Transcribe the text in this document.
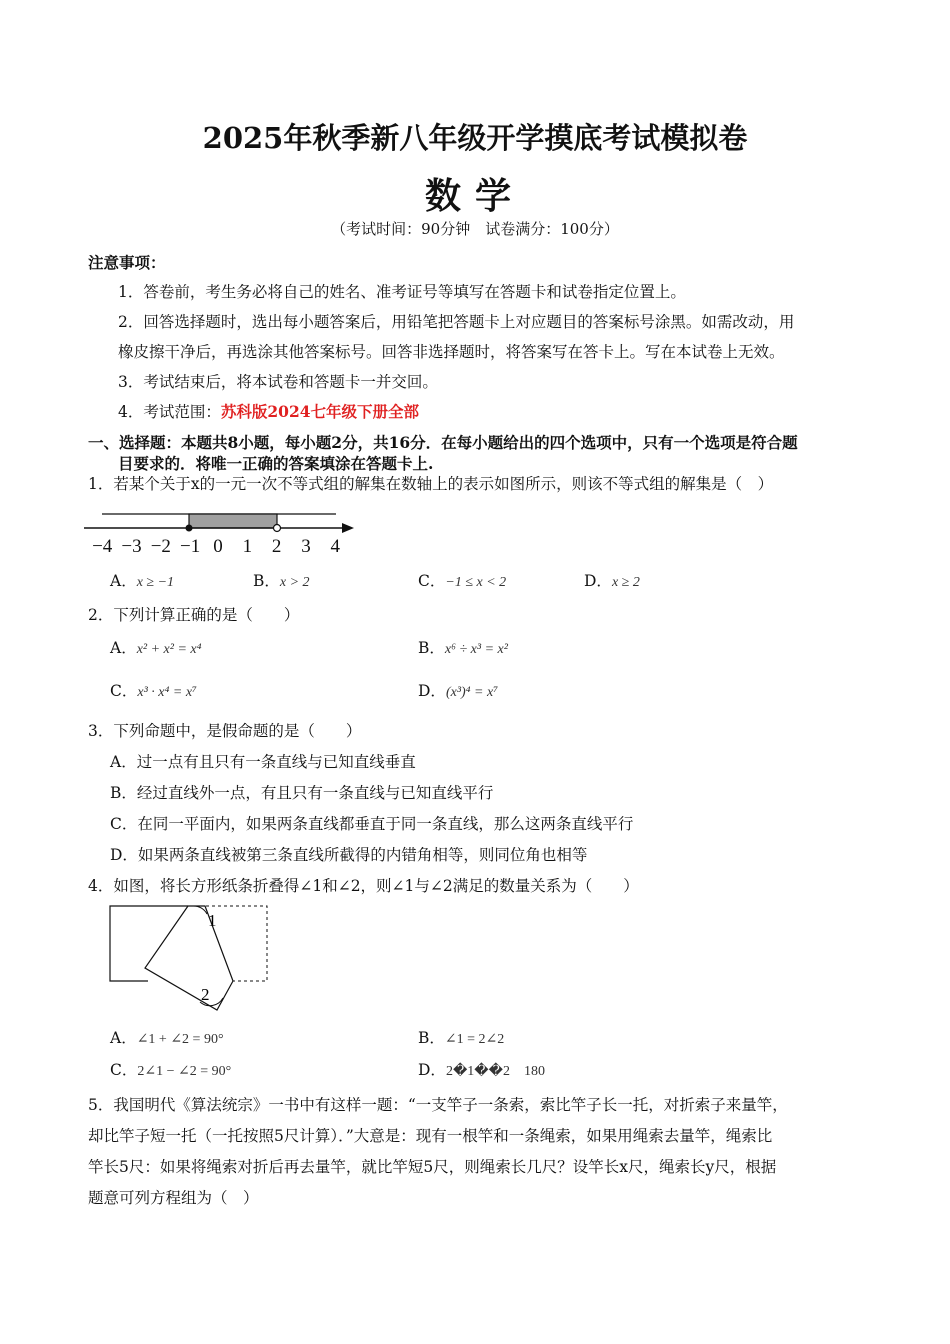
2025年秋季新八年级开学摸底考试模拟卷
数学
（考试时间：90分钟　试卷满分：100分）
注意事项：
1．答卷前，考生务必将自己的姓名、准考证号等填写在答题卡和试卷指定位置上。
2．回答选择题时，选出每小题答案后，用铅笔把答题卡上对应题目的答案标号涂黑。如需改动，用
橡皮擦干净后，再选涂其他答案标号。回答非选择题时，将答案写在答卡上。写在本试卷上无效。
3．考试结束后，将本试卷和答题卡一并交回。
4．考试范围：苏科版2024七年级下册全部
一、选择题：本题共8小题，每小题2分，共16分．在每小题给出的四个选项中，只有一个选项是符合题
目要求的．将唯一正确的答案填涂在答题卡上.
1．若某个关于x的一元一次不等式组的解集在数轴上的表示如图所示，则该不等式组的解集是（　）
−4 −3 −2 −1 0 1 2 3 4
A．x ≥ −1	B．x > 2	C．−1 ≤ x < 2	D．x ≥ 2
2．下列计算正确的是（　　）
A．x² + x² = x⁴	B．x⁶ ÷ x³ = x²
C．x³ · x⁴ = x⁷	D．(x³)⁴ = x⁷
3．下列命题中，是假命题的是（　　）
A．过一点有且只有一条直线与已知直线垂直
B．经过直线外一点，有且只有一条直线与已知直线平行
C．在同一平面内，如果两条直线都垂直于同一条直线，那么这两条直线平行
D．如果两条直线被第三条直线所截得的内错角相等，则同位角也相等
4．如图，将长方形纸条折叠得∠1和∠2，则∠1与∠2满足的数量关系为（　　）
1
2
A．∠1 + ∠2 = 90°	B．∠1 = 2∠2
C．2∠1 − ∠2 = 90°	D．2�1��2　180
5．我国明代《算法统宗》一书中有这样一题：“一支竿子一条索，索比竿子长一托，对折索子来量竿，
却比竿子短一托（一托按照5尺计算）．”大意是：现有一根竿和一条绳索，如果用绳索去量竿，绳索比
竿长5尺：如果将绳索对折后再去量竿，就比竿短5尺，则绳索长几尺？设竿长x尺，绳索长y尺，根据
题意可列方程组为（　）
